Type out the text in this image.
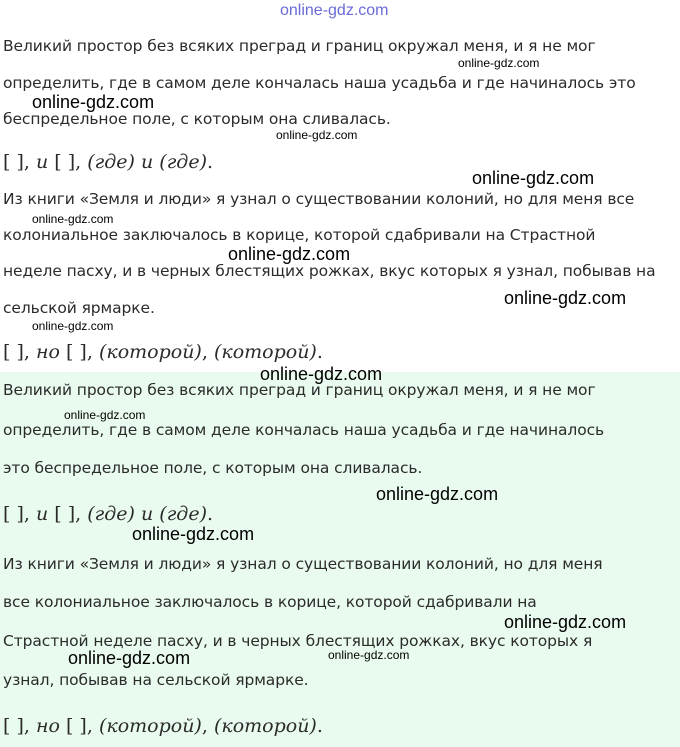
Великий простор без всяких преград и границ окружал меня, и я не мог
определить, где в самом деле кончалась наша усадьба и где начиналось это
беспредельное поле, с которым она сливалась.
[ ], и [ ], (где) и (где).
Из книги «Земля и люди» я узнал о существовании колоний, но для меня все
колониальное заключалось в корице, которой сдабривали на Страстной
неделе пасху, и в черных блестящих рожках, вкус которых я узнал, побывав на
сельской ярмарке.
[ ], но [ ], (которой), (которой).
Великий простор без всяких преград и границ окружал меня, и я не мог
определить, где в самом деле кончалась наша усадьба и где начиналось
это беспредельное поле, с которым она сливалась.
[ ], и [ ], (где) и (где).
Из книги «Земля и люди» я узнал о существовании колоний, но для меня
все колониальное заключалось в корице, которой сдабривали на
Страстной неделе пасху, и в черных блестящих рожках, вкус которых я
узнал, побывав на сельской ярмарке.
[ ], но [ ], (которой), (которой).
online-gdz.com
online-gdz.com
online-gdz.com
online-gdz.com
online-gdz.com
online-gdz.com
online-gdz.com
online-gdz.com
online-gdz.com
online-gdz.com
online-gdz.com
online-gdz.com
online-gdz.com
online-gdz.com
online-gdz.com	online-gdz.com
